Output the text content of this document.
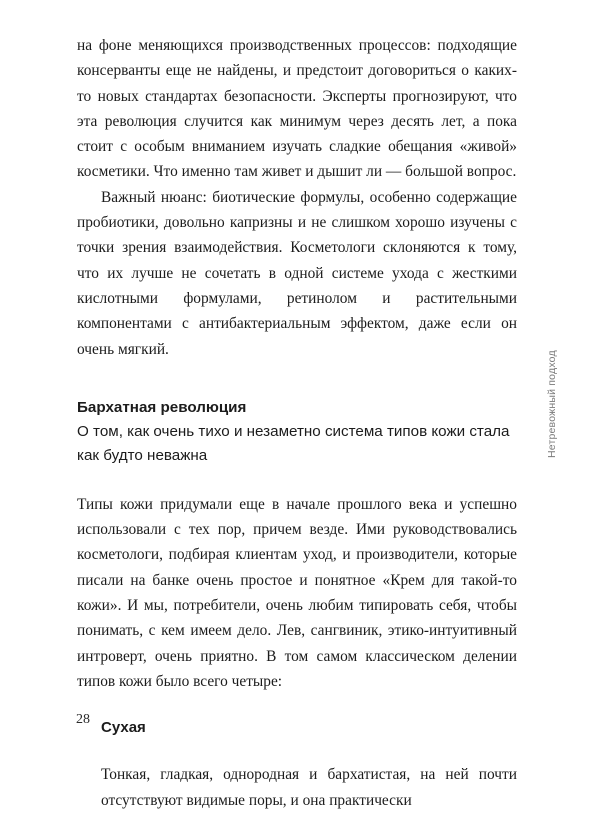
на фоне меняющихся производственных процессов: подходящие консерванты еще не найдены, и предстоит договориться о каких-то новых стандартах безопасности. Эксперты прогнозируют, что эта революция случится как минимум через десять лет, а пока стоит с особым вниманием изучать сладкие обещания «живой» косметики. Что именно там живет и дышит ли — большой вопрос.

Важный нюанс: биотические формулы, особенно содержащие пробиотики, довольно капризны и не слишком хорошо изучены с точки зрения взаимодействия. Косметологи склоняются к тому, что их лучше не сочетать в одной системе ухода с жесткими кислотными формулами, ретинолом и растительными компонентами с антибактериальным эффектом, даже если он очень мягкий.

Бархатная революция

О том, как очень тихо и незаметно система типов кожи стала как будто неважна

Типы кожи придумали еще в начале прошлого века и успешно использовали с тех пор, причем везде. Ими руководствовались косметологи, подбирая клиентам уход, и производители, которые писали на банке очень простое и понятное «Крем для такой-то кожи». И мы, потребители, очень любим типировать себя, чтобы понимать, с кем имеем дело. Лев, сангвиник, этико-интуитивный интроверт, очень приятно. В том самом классическом делении типов кожи было всего четыре:

Сухая

Тонкая, гладкая, однородная и бархатистая, на ней почти отсутствуют видимые поры, и она практически

Нетревожный подход
28
